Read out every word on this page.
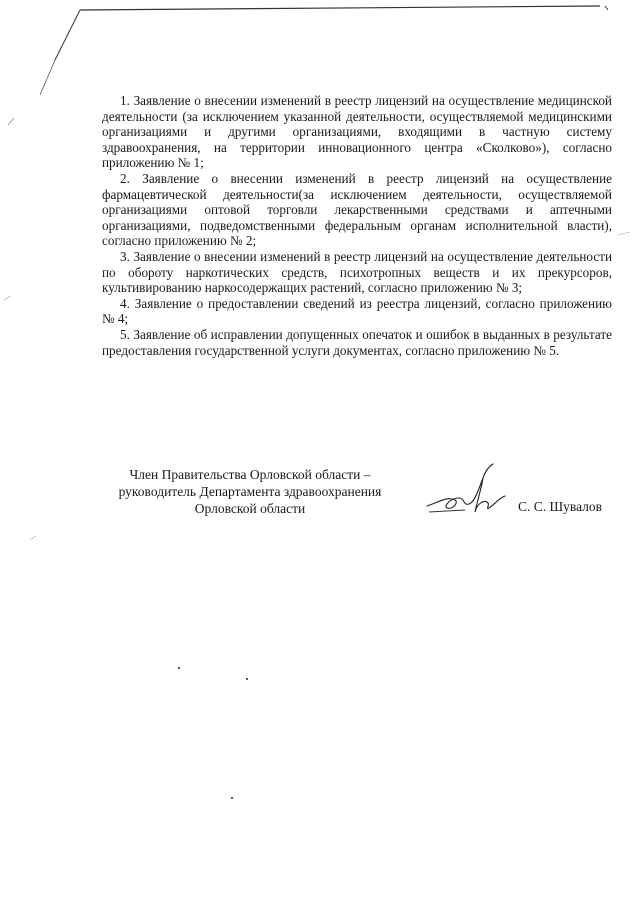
1. Заявление о внесении изменений в реестр лицензий на осуществление медицинской деятельности (за исключением указанной деятельности, осуществляемой медицинскими организациями и другими организациями, входящими в частную систему здравоохранения, на территории инновационного центра «Сколково»), согласно приложению № 1;

2. Заявление о внесении изменений в реестр лицензий на осуществление фармацевтической деятельности(за исключением деятельности, осуществляемой организациями оптовой торговли лекарственными средствами и аптечными организациями, подведомственными федеральным органам исполнительной власти), согласно приложению № 2;

3. Заявление о внесении изменений в реестр лицензий на осуществление деятельности по обороту наркотических средств, психотропных веществ и их прекурсоров, культивированию наркосодержащих растений, согласно приложению № 3;

4. Заявление о предоставлении сведений из реестра лицензий, согласно приложению № 4;

5. Заявление об исправлении допущенных опечаток и ошибок в выданных в результате предоставления государственной услуги документах, согласно приложению № 5.

Член Правительства Орловской области –
руководитель Департамента здравоохранения
Орловской области	С. С. Шувалов
